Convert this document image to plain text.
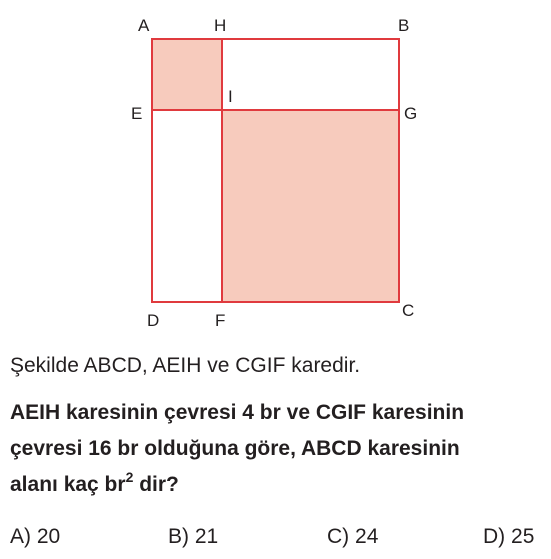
A	H	B
E
I
G
D	F
C

Şekilde ABCD, AEIH ve CGIF karedir.

AEIH karesinin çevresi 4 br ve CGIF karesinin
çevresi 16 br olduğuna göre, ABCD karesinin
alanı kaç $br^2$ dir?

A) 20	B) 21	C) 24	D) 25
